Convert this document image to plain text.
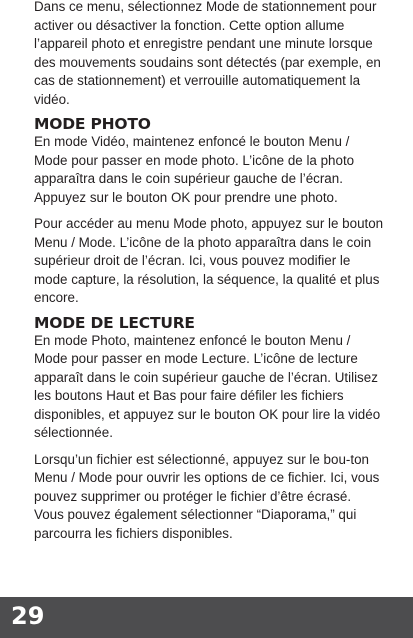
Dans ce menu, sélectionnez Mode de stationnement pour activer ou désactiver la fonction. Cette option allume l’appareil photo et enregistre pendant une minute lorsque des mouvements soudains sont détectés (par exemple, en cas de stationnement) et verrouille automatiquement la vidéo.

MODE PHOTO

En mode Vidéo, maintenez enfoncé le bouton Menu / Mode pour passer en mode photo. L’icône de la photo apparaîtra dans le coin supérieur gauche de l’écran. Appuyez sur le bouton OK pour prendre une photo.

Pour accéder au menu Mode photo, appuyez sur le bouton Menu / Mode. L’icône de la photo apparaîtra dans le coin supérieur droit de l’écran. Ici, vous pouvez modifier le mode capture, la résolution, la séquence, la qualité et plus encore.

MODE DE LECTURE

En mode Photo, maintenez enfoncé le bouton Menu / Mode pour passer en mode Lecture. L’icône de lecture apparaît dans le coin supérieur gauche de l’écran. Utilisez les boutons Haut et Bas pour faire défiler les fichiers disponibles, et appuyez sur le bouton OK pour lire la vidéo sélectionnée.

Lorsqu’un fichier est sélectionné, appuyez sur le bou-ton Menu / Mode pour ouvrir les options de ce fichier. Ici, vous pouvez supprimer ou protéger le fichier d’être écrasé. Vous pouvez également sélectionner “Diaporama,” qui parcourra les fichiers disponibles.

29
